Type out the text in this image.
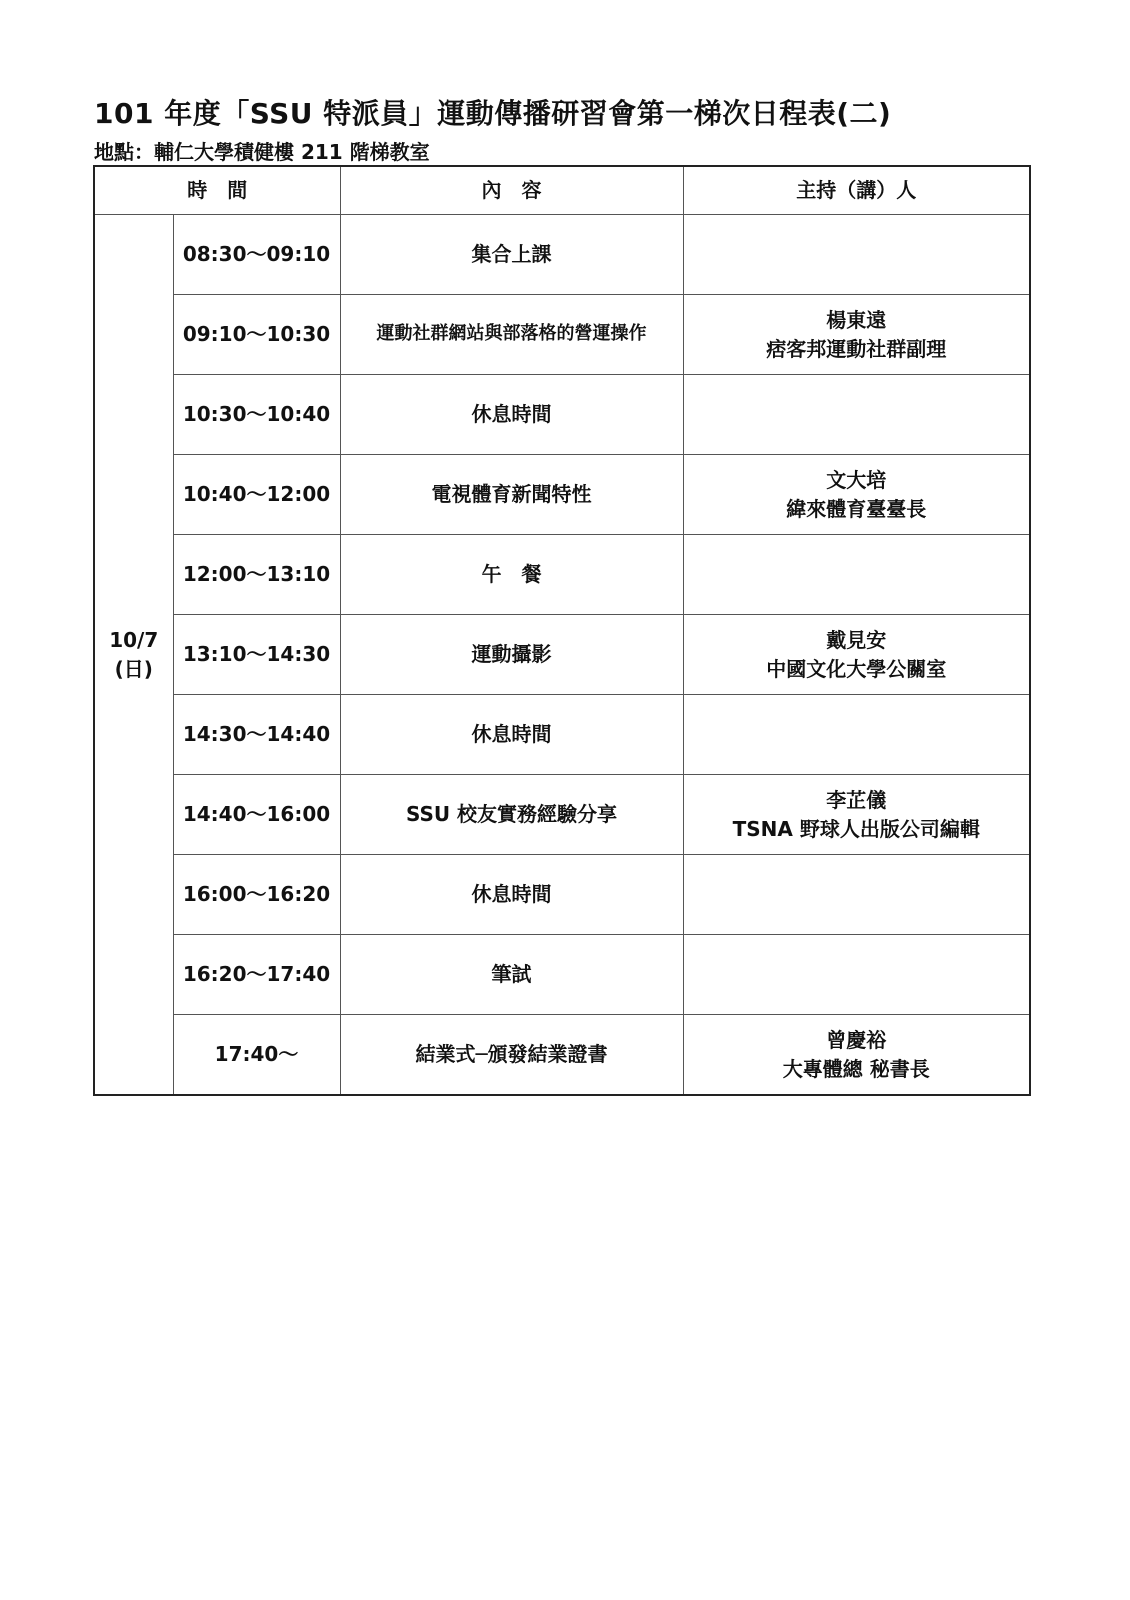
101 年度「SSU 特派員」運動傳播研習會第一梯次日程表(二)
地點：輔仁大學積健樓 211 階梯教室
時　間		內　容	主持（講）人

10/7
(日)	08:30～09:10	集合上課	

	09:10～10:30	運動社群網站與部落格的營運操作	楊東遠
痞客邦運動社群副理

	10:30～10:40	休息時間	

	10:40～12:00	電視體育新聞特性	文大培
緯來體育臺臺長

	12:00～13:10	午　餐	

	13:10～14:30	運動攝影	戴見安
中國文化大學公關室

	14:30～14:40	休息時間	

	14:40～16:00	SSU 校友實務經驗分享	李芷儀
TSNA 野球人出版公司編輯

	16:00～16:20	休息時間	

	16:20～17:40	筆試	

	17:40～	結業式─頒發結業證書	曾慶裕
大專體總 秘書長
